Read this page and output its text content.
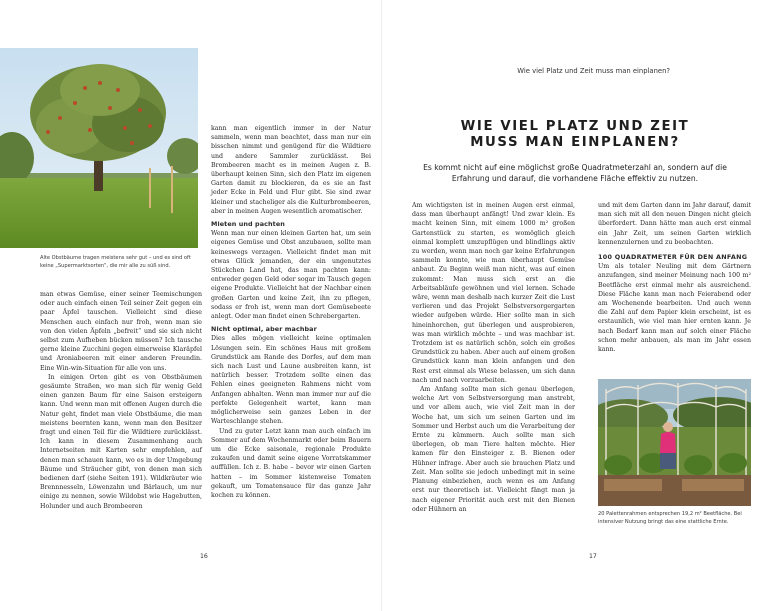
Alte Obstbäume tragen meistens sehr gut – und es sind oft keine „Supermarktsorten“, die mir alle zu süß sind.

man etwas Gemüse, einer seiner Teemischungen oder auch einfach einen Teil seiner Zeit gegen ein paar Äpfel tauschen. Vielleicht sind diese Menschen auch einfach nur froh, wenn man sie von den vielen Äpfeln „befreit“ und sie sich nicht selbst zum Aufheben bücken müssen? Ich tausche gerne kleine Zucchini gegen eimerweise Klaräpfel und Aroniabeeren mit einer anderen Freundin. Eine Win-win-Situation für alle von uns.

In einigen Orten gibt es von Obstbäumen gesäumte Straßen, wo man sich für wenig Geld einen ganzen Baum für eine Saison ersteigern kann. Und wenn man mit offenen Augen durch die Natur geht, findet man viele Obstbäume, die man meistens beernten kann, wenn man den Besitzer fragt und einen Teil für die Wildtiere zurücklässt. Ich kann in diesem Zusammenhang auch Internetseiten mit Karten sehr empfehlen, auf denen man schauen kann, wo es in der Umgebung Bäume und Sträucher gibt, von denen man sich bedienen darf (siehe Seiten 191). Wildkräuter wie Brennnesseln, Löwenzahn und Bärlauch, um nur einige zu nennen, sowie Wildobst wie Hagebutten, Holunder und auch Brombeeren

kann man eigentlich immer in der Natur sammeln, wenn man beachtet, dass man nur ein bisschen nimmt und genügend für die Wildtiere und andere Sammler zurücklässt. Bei Brombeeren macht es in meinen Augen z. B. überhaupt keinen Sinn, sich den Platz im eigenen Garten damit zu blockieren, da es sie an fast jeder Ecke in Feld und Flur gibt. Sie sind zwar kleiner und stacheliger als die Kulturbrombeeren, aber in meinen Augen wesentlich aromatischer.

Mieten und pachten

Wenn man nur einen kleinen Garten hat, um sein eigenes Gemüse und Obst anzubauen, sollte man keineswegs verzagen. Vielleicht findet man mit etwas Glück jemanden, der ein ungenutztes Stückchen Land hat, das man pachten kann: entweder gegen Geld oder sogar im Tausch gegen eigene Produkte. Vielleicht hat der Nachbar einen großen Garten und keine Zeit, ihn zu pflegen, sodass er froh ist, wenn man dort Gemüsebeete anlegt. Oder man findet einen Schrebergarten.

Nicht optimal, aber machbar

Dies alles mögen vielleicht keine optimalen Lösungen sein. Ein schönes Haus mit großem Grundstück am Rande des Dorfes, auf dem man sich nach Lust und Laune ausbreiten kann, ist natürlich besser. Trotzdem sollte einen das Fehlen eines geeigneten Rahmens nicht vom Anfangen abhalten. Wenn man immer nur auf die perfekte Gelegenheit wartet, kann man möglicherweise sein ganzes Leben in der Warteschlange stehen.

Und zu guter Letzt kann man auch einfach im Sommer auf dem Wochenmarkt oder beim Bauern um die Ecke saisonale, regionale Produkte zukaufen und damit seine eigene Vorratskammer auffüllen. Ich z. B. habe – bevor wir einen Garten hatten – im Sommer kistenweise Tomaten gekauft, um Tomatensauce für das ganze Jahr kochen zu können.

16
Wie viel Platz und Zeit muss man einplanen?
WIE VIEL PLATZ UND ZEIT
MUSS MAN EINPLANEN?
Es kommt nicht auf eine möglichst große Quadratmeterzahl an, sondern auf die Erfahrung und darauf, die vorhandene Fläche effektiv zu nutzen.

Am wichtigsten ist in meinen Augen erst einmal, dass man überhaupt anfängt! Und zwar klein. Es macht keinen Sinn, mit einem 1000 m² großen Gartenstück zu starten, es womöglich gleich einmal komplett umzupflügen und blindlings aktiv zu werden, wenn man noch gar keine Erfahrungen sammeln konnte, wie man überhaupt Gemüse anbaut. Zu Beginn weiß man nicht, was auf einen zukommt: Man muss sich erst an die Arbeitsabläufe gewöhnen und viel lernen. Schade wäre, wenn man deshalb nach kurzer Zeit die Lust verlieren und das Projekt Selbstversorgergarten wieder aufgeben würde. Hier sollte man in sich hineinhorchen, gut überlegen und ausprobieren, was man wirklich möchte – und was machbar ist. Trotzdem ist es natürlich schön, solch ein großes Grundstück zu haben. Aber auch auf einem großen Grundstück kann man klein anfangen und den Rest erst einmal als Wiese belassen, um sich dann nach und nach vorzuarbeiten.

Am Anfang sollte man sich genau überlegen, welche Art von Selbstversorgung man anstrebt, und vor allem auch, wie viel Zeit man in der Woche hat, um sich um seinen Garten und im Sommer und Herbst auch um die Verarbeitung der Ernte zu kümmern. Auch sollte man sich überlegen, ob man Tiere halten möchte. Hier kamen für den Einsteiger z. B. Bienen oder Hühner infrage. Aber auch sie brauchen Platz und Zeit. Man sollte sie jedoch unbedingt mit in seine Planung einbeziehen, auch wenn es am Anfang erst nur theoretisch ist. Vielleicht fängt man ja nach eigener Priorität auch erst mit den Bienen oder Hühnern an

und mit dem Garten dann im Jahr darauf, damit man sich mit all den neuen Dingen nicht gleich überfordert. Dann hätte man auch erst einmal ein Jahr Zeit, um seinen Garten wirklich kennenzulernen und zu beobachten.

100 QUADRATMETER FÜR DEN ANFANG

Um als totaler Neuling mit dem Gärtnern anzufangen, sind meiner Meinung nach 100 m² Beetfläche erst einmal mehr als ausreichend. Diese Fläche kann man nach Feierabend oder am Wochenende bearbeiten. Und auch wenn die Zahl auf dem Papier klein erscheint, ist es erstaunlich, wie viel man hier ernten kann. Je nach Bedarf kann man auf solch einer Fläche schon mehr anbauen, als man im Jahr essen kann.

20 Palettenrahmen entsprechen 19,2 m² Beetfläche. Bei intensiver Nutzung bringt das eine stattliche Ernte.
17
